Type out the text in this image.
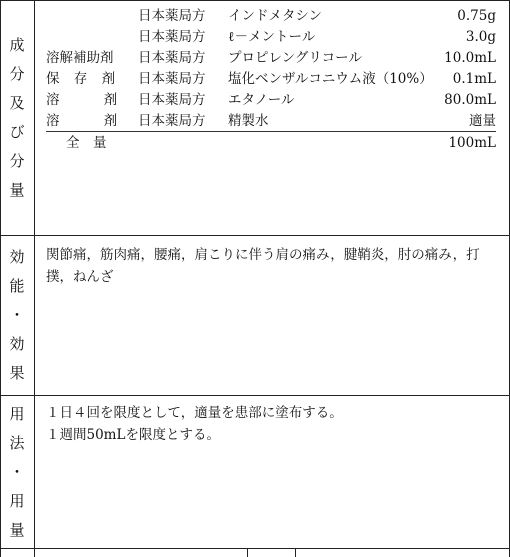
成
分
及
び
分
量
日本薬局方 インドメタシン	0.75g
日本薬局方 ℓ－メントール	3.0g
溶解補助剤	日本薬局方 プロピレングリコール	10.0mL
保 存 剤	日本薬局方 塩化ベンザルコニウム液（10%）	0.1mL
溶 剤	日本薬局方 エタノール	80.0mL
溶 剤	日本薬局方 精製水	適量
全　量	100mL
効
能
・
効
果
関節痛，筋肉痛，腰痛，肩こりに伴う肩の痛み，腱鞘炎，肘の痛み，打撲，ねんざ
用
法
・
用
量
１日４回を限度として，適量を患部に塗布する。
１週間50mLを限度とする。
